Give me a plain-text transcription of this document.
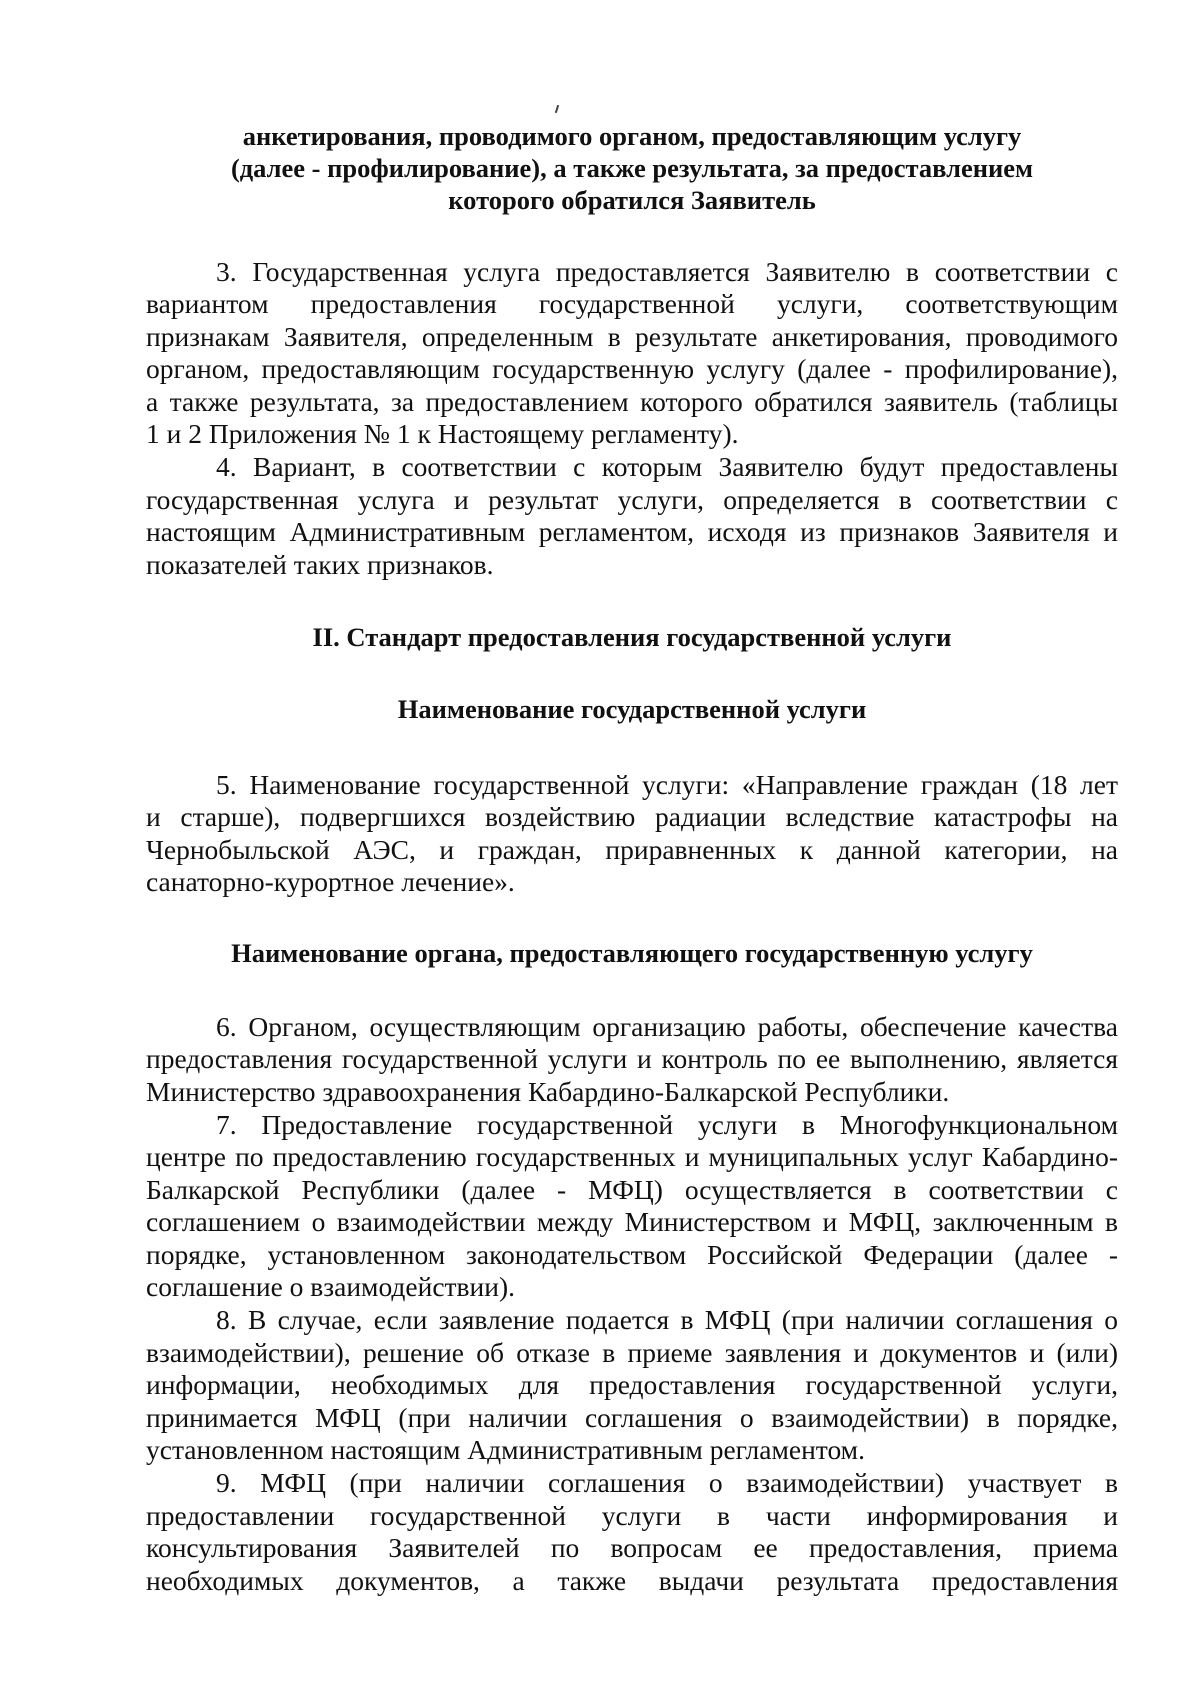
анкетирования, проводимого органом, предоставляющим услугу
(далее - профилирование), а также результата, за предоставлением
которого обратился Заявитель
3. Государственная услуга предоставляется Заявителю в соответствии с
вариантом предоставления государственной услуги, соответствующим
признакам Заявителя, определенным в результате анкетирования, проводимого
органом, предоставляющим государственную услугу (далее - профилирование),
а также результата, за предоставлением которого обратился заявитель (таблицы
1 и 2 Приложения № 1 к Настоящему регламенту).
4. Вариант, в соответствии с которым Заявителю будут предоставлены
государственная услуга и результат услуги, определяется в соответствии с
настоящим Административным регламентом, исходя из признаков Заявителя и
показателей таких признаков.

II. Стандарт предоставления государственной услуги

Наименование государственной услуги

5. Наименование государственной услуги: «Направление граждан (18 лет
и старше), подвергшихся воздействию радиации вследствие катастрофы на
Чернобыльской АЭС, и граждан, приравненных к данной категории, на
санаторно-курортное лечение».

Наименование органа, предоставляющего государственную услугу

6. Органом, осуществляющим организацию работы, обеспечение качества
предоставления государственной услуги и контроль по ее выполнению, является
Министерство здравоохранения Кабардино-Балкарской Республики.
7. Предоставление государственной услуги в Многофункциональном
центре по предоставлению государственных и муниципальных услуг Кабардино-
Балкарской Республики (далее - МФЦ) осуществляется в соответствии с
соглашением о взаимодействии между Министерством и МФЦ, заключенным в
порядке, установленном законодательством Российской Федерации (далее -
соглашение о взаимодействии).
8. В случае, если заявление подается в МФЦ (при наличии соглашения о
взаимодействии), решение об отказе в приеме заявления и документов и (или)
информации, необходимых для предоставления государственной услуги,
принимается МФЦ (при наличии соглашения о взаимодействии) в порядке,
установленном настоящим Административным регламентом.
9. МФЦ (при наличии соглашения о взаимодействии) участвует в
предоставлении государственной услуги в части информирования и
консультирования Заявителей по вопросам ее предоставления, приема
необходимых документов, а также выдачи результата предоставления
